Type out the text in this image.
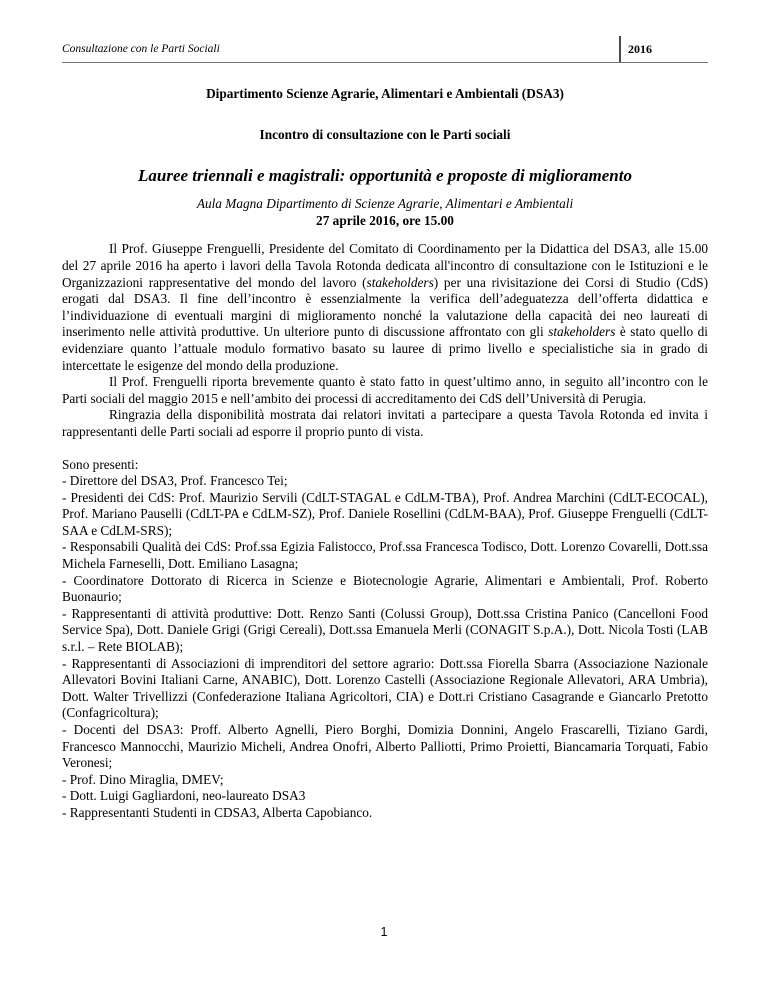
Consultazione con le Parti Sociali	2016

Dipartimento Scienze Agrarie, Alimentari e Ambientali (DSA3)

Incontro di consultazione con le Parti sociali

Lauree triennali e magistrali: opportunità e proposte di miglioramento

Aula Magna Dipartimento di Scienze Agrarie, Alimentari e Ambientali

27 aprile 2016, ore 15.00

Il Prof. Giuseppe Frenguelli, Presidente del Comitato di Coordinamento per la Didattica del DSA3, alle 15.00 del 27 aprile 2016 ha aperto i lavori della Tavola Rotonda dedicata all'incontro di consultazione con le Istituzioni e le Organizzazioni rappresentative del mondo del lavoro (stakeholders) per una rivisitazione dei Corsi di Studio (CdS) erogati dal DSA3. Il fine dell’incontro è essenzialmente la verifica dell’adeguatezza dell’offerta didattica e l’individuazione di eventuali margini di miglioramento nonché la valutazione della capacità dei neo laureati di inserimento nelle attività produttive. Un ulteriore punto di discussione affrontato con gli stakeholders è stato quello di evidenziare quanto l’attuale modulo formativo basato su lauree di primo livello e specialistiche sia in grado di intercettate le esigenze del mondo della produzione.

Il Prof. Frenguelli riporta brevemente quanto è stato fatto in quest’ultimo anno, in seguito all’incontro con le Parti sociali del maggio 2015 e nell’ambito dei processi di accreditamento dei CdS dell’Università di Perugia.

Ringrazia della disponibilità mostrata dai relatori invitati a partecipare a questa Tavola Rotonda ed invita i rappresentanti delle Parti sociali ad esporre il proprio punto di vista.

Sono presenti:

- Direttore del DSA3, Prof. Francesco Tei;

- Presidenti dei CdS: Prof. Maurizio Servili (CdLT-STAGAL e CdLM-TBA), Prof. Andrea Marchini (CdLT-ECOCAL), Prof. Mariano Pauselli (CdLT-PA e CdLM-SZ), Prof. Daniele Rosellini (CdLM-BAA), Prof. Giuseppe Frenguelli (CdLT-SAA e CdLM-SRS);

- Responsabili Qualità dei CdS: Prof.ssa Egizia Falistocco, Prof.ssa Francesca Todisco, Dott. Lorenzo Covarelli, Dott.ssa Michela Farneselli, Dott. Emiliano Lasagna;

- Coordinatore Dottorato di Ricerca in Scienze e Biotecnologie Agrarie, Alimentari e Ambientali, Prof. Roberto Buonaurio;

- Rappresentanti di attività produttive: Dott. Renzo Santi (Colussi Group), Dott.ssa Cristina Panico (Cancelloni Food Service Spa), Dott. Daniele Grigi (Grigi Cereali), Dott.ssa Emanuela Merli (CONAGIT S.p.A.), Dott. Nicola Tosti (LAB s.r.l. – Rete BIOLAB);

- Rappresentanti di Associazioni di imprenditori del settore agrario: Dott.ssa Fiorella Sbarra (Associazione Nazionale Allevatori Bovini Italiani Carne, ANABIC), Dott. Lorenzo Castelli (Associazione Regionale Allevatori, ARA Umbria), Dott. Walter Trivellizzi (Confederazione Italiana Agricoltori, CIA) e Dott.ri Cristiano Casagrande e Giancarlo Pretotto (Confagricoltura);

- Docenti del DSA3: Proff. Alberto Agnelli, Piero Borghi, Domizia Donnini, Angelo Frascarelli, Tiziano Gardi, Francesco Mannocchi, Maurizio Micheli, Andrea Onofri, Alberto Palliotti, Primo Proietti, Biancamaria Torquati, Fabio Veronesi;

- Prof. Dino Miraglia, DMEV;

- Dott. Luigi Gagliardoni, neo-laureato DSA3

- Rappresentanti Studenti in CDSA3, Alberta Capobianco.

1
